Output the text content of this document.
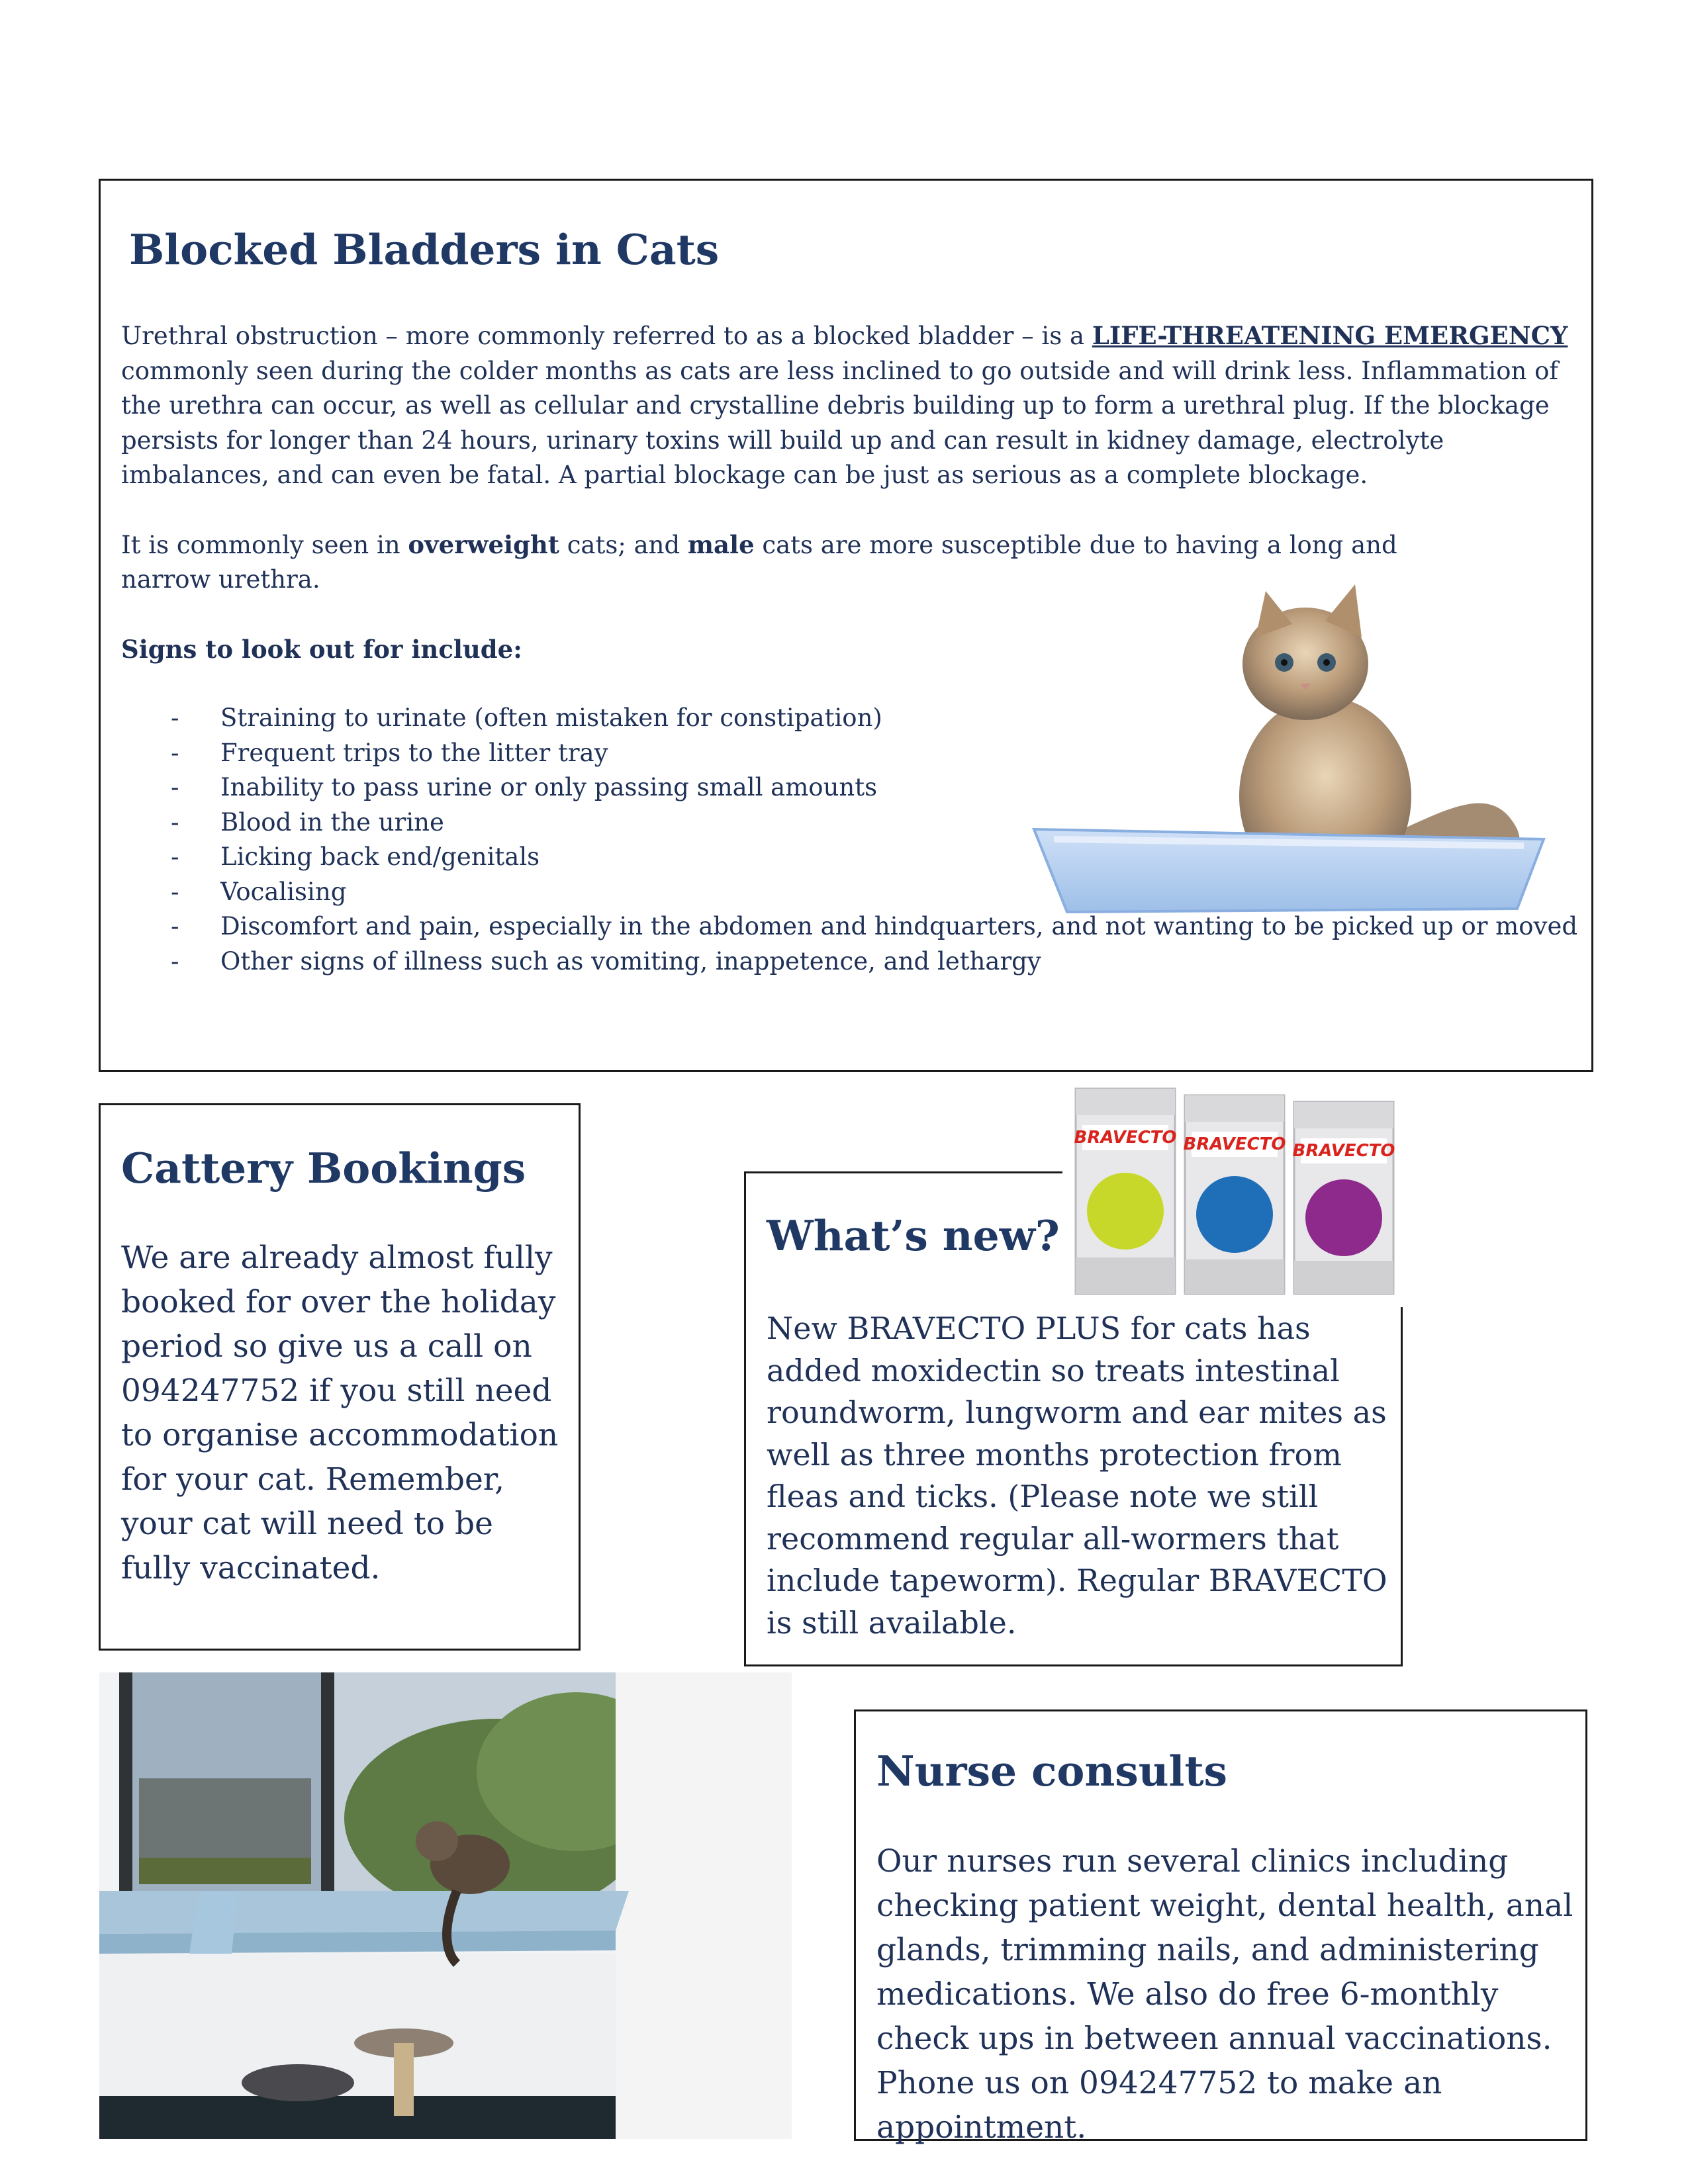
Blocked Bladders in Cats

Urethral obstruction – more commonly referred to as a blocked bladder – is a LIFE-THREATENING EMERGENCY commonly seen during the colder months as cats are less inclined to go outside and will drink less. Inflammation of the urethra can occur, as well as cellular and crystalline debris building up to form a urethral plug. If the blockage persists for longer than 24 hours, urinary toxins will build up and can result in kidney damage, electrolyte imbalances, and can even be fatal. A partial blockage can be just as serious as a complete blockage.

It is commonly seen in overweight cats; and male cats are more susceptible due to having a long and narrow urethra.

Signs to look out for include:

- Straining to urinate (often mistaken for constipation)
- Frequent trips to the litter tray
- Inability to pass urine or only passing small amounts
- Blood in the urine
- Licking back end/genitals
- Vocalising
- Discomfort and pain, especially in the abdomen and hindquarters, and not wanting to be picked up or moved
- Other signs of illness such as vomiting, inappetence, and lethargy
Cattery Bookings

We are already almost fully booked for over the holiday period so give us a call on 094247752 if you still need to organise accommodation for your cat. Remember, your cat will need to be fully vaccinated.

What’s new?

New BRAVECTO PLUS for cats has added moxidectin so treats intestinal roundworm, lungworm and ear mites as well as three months protection from fleas and ticks. (Please note we still recommend regular all-wormers that include tapeworm). Regular BRAVECTO is still available.

BRAVECTO BRAVECTO BRAVECTO
Nurse consults

Our nurses run several clinics including checking patient weight, dental health, anal glands, trimming nails, and administering medications. We also do free 6-monthly check ups in between annual vaccinations. Phone us on 094247752 to make an appointment.
